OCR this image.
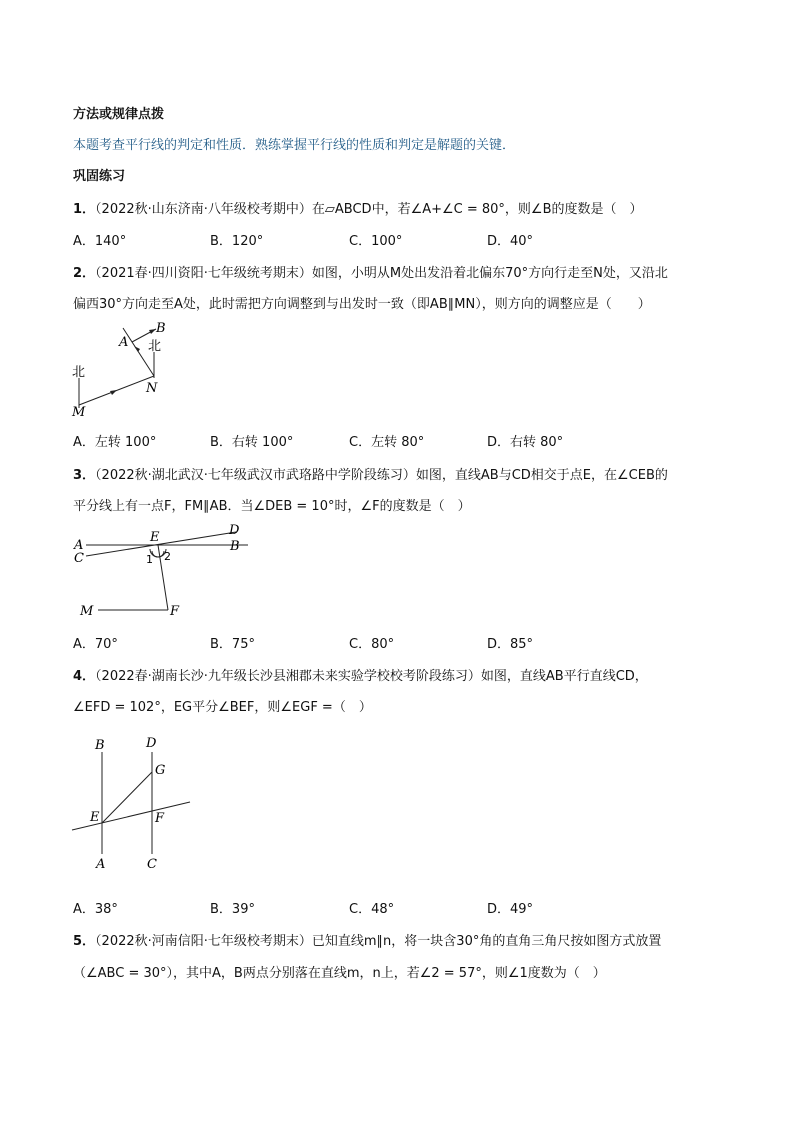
方法或规律点拨
本题考查平行线的判定和性质．熟练掌握平行线的性质和判定是解题的关键．
巩固练习
1．（2022秋·山东济南·八年级校考期中）在▱ABCD中，若∠A+∠C = 80°，则∠B的度数是（　）
A．140°	B．120°	C．100°	D．40°
2．（2021春·四川资阳·七年级统考期末）如图，小明从M处出发沿着北偏东70°方向行走至N处，又沿北
偏西30°方向走至A处，此时需把方向调整到与出发时一致（即AB∥MN），则方向的调整应是（　　）
B
A 北
北
N
M
A．左转 100°	B．右转 100°	C．左转 80°	D．右转 80°
3．（2022秋·湖北武汉·七年级武汉市武珞路中学阶段练习）如图，直线AB与CD相交于点E，在∠CEB的
平分线上有一点F，FM∥AB．当∠DEB = 10°时，∠F的度数是（　）
A
C
E	D
B
1 2
M	F
A．70°	B．75°	C．80°	D．85°
4．（2022春·湖南长沙·九年级长沙县湘郡未来实验学校校考阶段练习）如图，直线AB平行直线CD，
∠EFD = 102°，EG平分∠BEF，则∠EGF =（　）
B	D
G
E	F
A	C
A．38°	B．39°	C．48°	D．49°
5．（2022秋·河南信阳·七年级校考期末）已知直线m∥n，将一块含30°角的直角三角尺按如图方式放置
（∠ABC = 30°），其中A，B两点分别落在直线m，n上，若∠2 = 57°，则∠1度数为（　）
